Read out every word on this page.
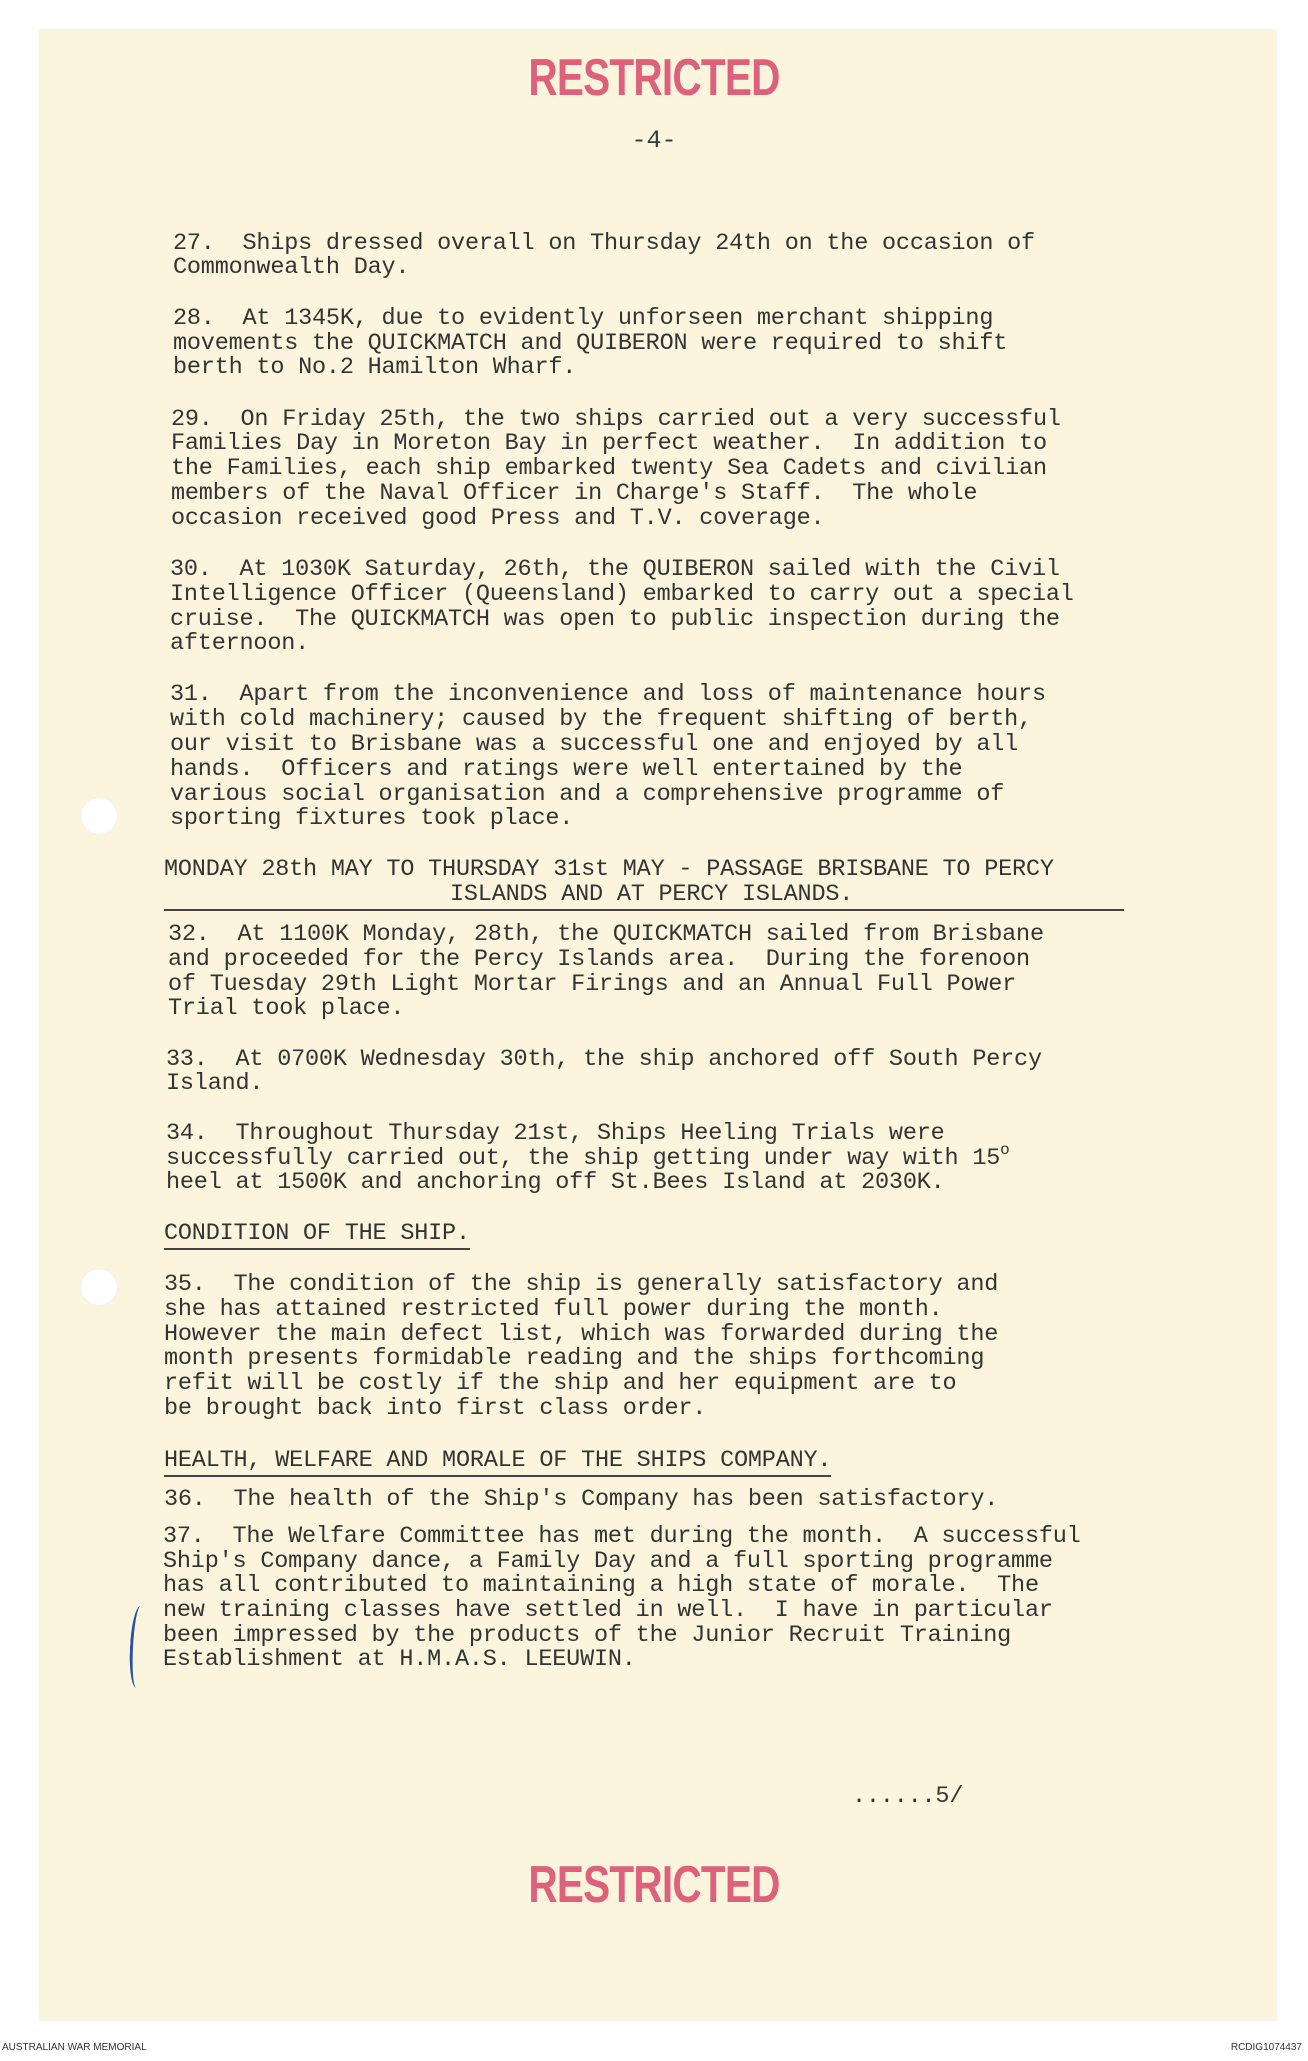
RESTRICTED
-4-
27.  Ships dressed overall on Thursday 24th on the occasion of
Commonwealth Day.
28.  At 1345K, due to evidently unforseen merchant shipping
movements the QUICKMATCH and QUIBERON were required to shift
berth to No.2 Hamilton Wharf.
29.  On Friday 25th, the two ships carried out a very successful
Families Day in Moreton Bay in perfect weather.  In addition to
the Families, each ship embarked twenty Sea Cadets and civilian
members of the Naval Officer in Charge's Staff.  The whole
occasion received good Press and T.V. coverage.
30.  At 1030K Saturday, 26th, the QUIBERON sailed with the Civil
Intelligence Officer (Queensland) embarked to carry out a special
cruise.  The QUICKMATCH was open to public inspection during the
afternoon.
31.  Apart from the inconvenience and loss of maintenance hours
with cold machinery; caused by the frequent shifting of berth,
our visit to Brisbane was a successful one and enjoyed by all
hands.  Officers and ratings were well entertained by the
various social organisation and a comprehensive programme of
sporting fixtures took place.
MONDAY 28th MAY TO THURSDAY 31st MAY - PASSAGE BRISBANE TO PERCY
ISLANDS AND AT PERCY ISLANDS.
32.  At 1100K Monday, 28th, the QUICKMATCH sailed from Brisbane
and proceeded for the Percy Islands area.  During the forenoon
of Tuesday 29th Light Mortar Firings and an Annual Full Power
Trial took place.
33.  At 0700K Wednesday 30th, the ship anchored off South Percy
Island.
34.  Throughout Thursday 21st, Ships Heeling Trials were
successfully carried out, the ship getting under way with 15$^o$
heel at 1500K and anchoring off St.Bees Island at 2030K.
CONDITION OF THE SHIP.
35.  The condition of the ship is generally satisfactory and
she has attained restricted full power during the month.
However the main defect list, which was forwarded during the
month presents formidable reading and the ships forthcoming
refit will be costly if the ship and her equipment are to
be brought back into first class order.
HEALTH, WELFARE AND MORALE OF THE SHIPS COMPANY.
36.  The health of the Ship's Company has been satisfactory.
37.  The Welfare Committee has met during the month.  A successful
Ship's Company dance, a Family Day and a full sporting programme
has all contributed to maintaining a high state of morale.  The
new training classes have settled in well.  I have in particular
been impressed by the products of the Junior Recruit Training
Establishment at H.M.A.S. LEEUWIN.
......5/
RESTRICTED
AUSTRALIAN WAR MEMORIAL	RCDIG1074437
